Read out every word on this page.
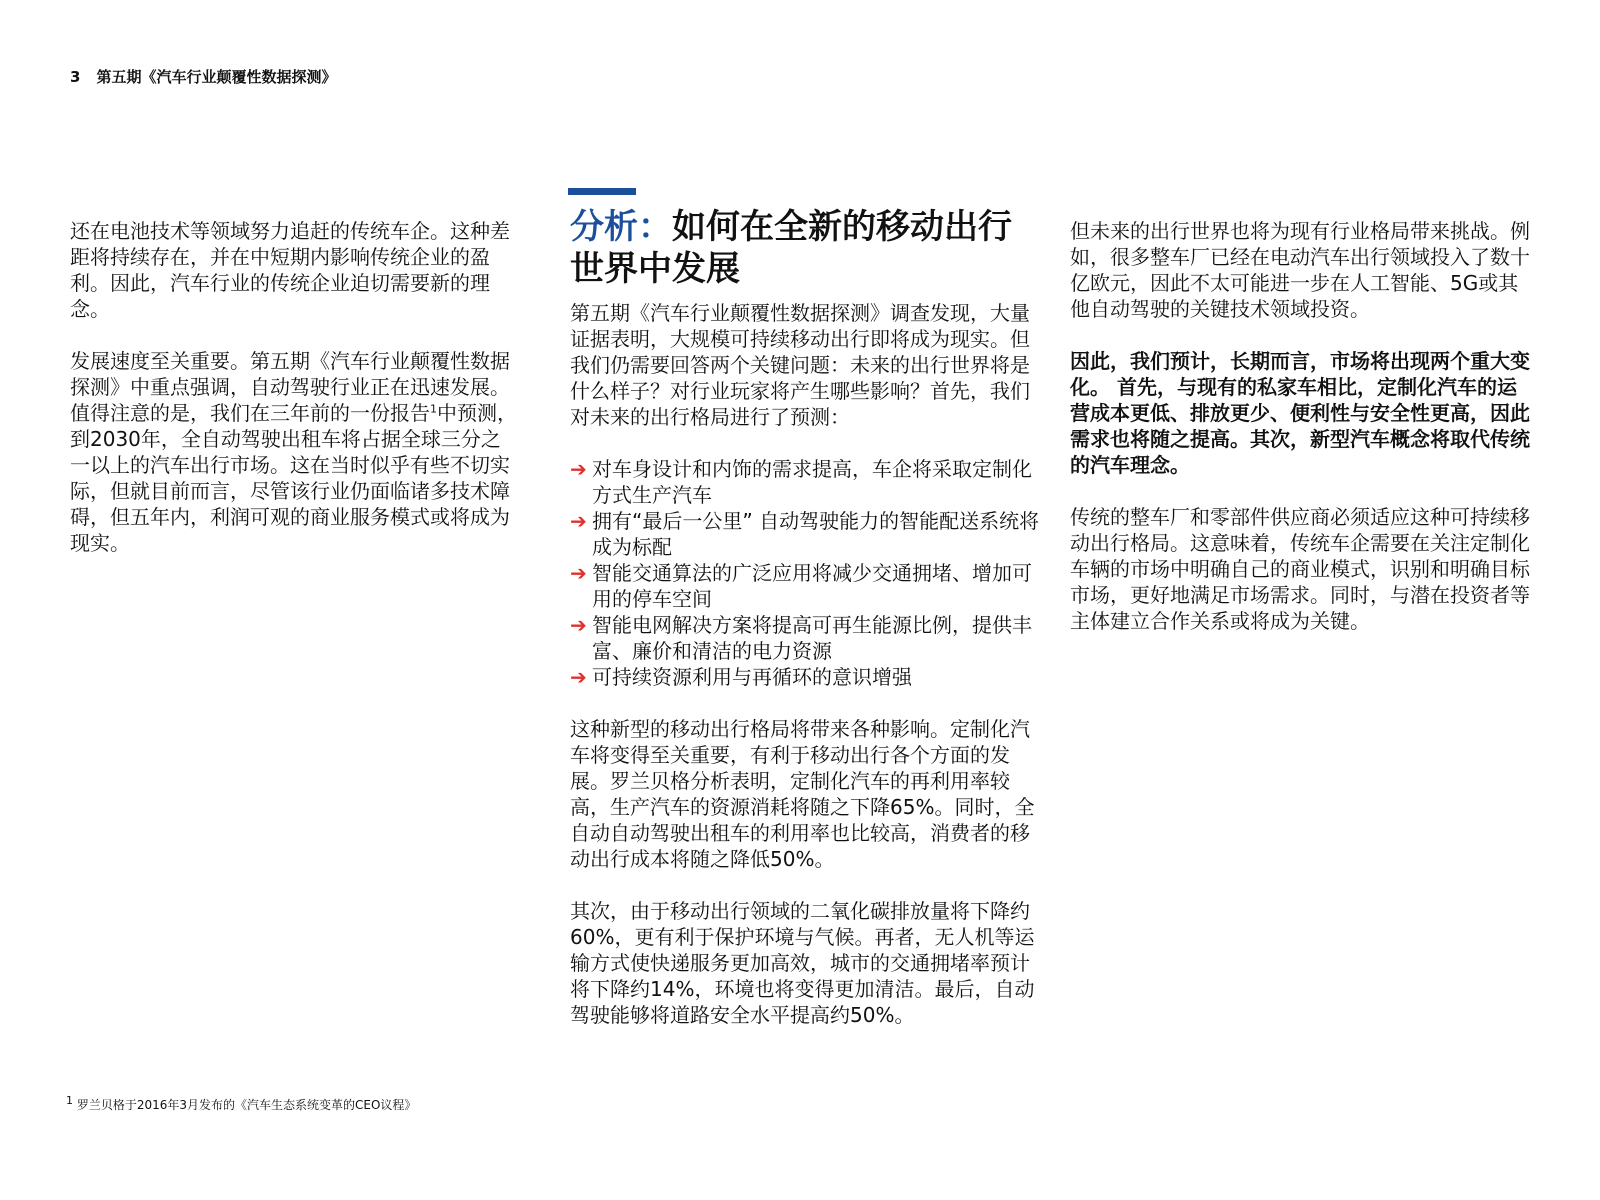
3 第五期《汽车行业颠覆性数据探测》

还在电池技术等领域努力追赶的传统车企。这种差距将持续存在，并在中短期内影响传统企业的盈利。因此，汽车行业的传统企业迫切需要新的理念。

发展速度至关重要。第五期《汽车行业颠覆性数据探测》中重点强调，自动驾驶行业正在迅速发展。值得注意的是，我们在三年前的一份报告$^1$中预测，到2030年，全自动驾驶出租车将占据全球三分之一以上的汽车出行市场。这在当时似乎有些不切实际，但就目前而言，尽管该行业仍面临诸多技术障碍，但五年内，利润可观的商业服务模式或将成为现实。

分析：如何在全新的移动出行世界中发展

第五期《汽车行业颠覆性数据探测》调查发现，大量证据表明，大规模可持续移动出行即将成为现实。但我们仍需要回答两个关键问题：未来的出行世界将是什么样子？对行业玩家将产生哪些影响？首先，我们对未来的出行格局进行了预测：

➔ 对车身设计和内饰的需求提高，车企将采取定制化方式生产汽车
➔ 拥有“最后一公里” 自动驾驶能力的智能配送系统将成为标配
➔ 智能交通算法的广泛应用将减少交通拥堵、增加可用的停车空间
➔ 智能电网解决方案将提高可再生能源比例，提供丰富、廉价和清洁的电力资源
➔ 可持续资源利用与再循环的意识增强

这种新型的移动出行格局将带来各种影响。定制化汽车将变得至关重要，有利于移动出行各个方面的发展。罗兰贝格分析表明，定制化汽车的再利用率较高，生产汽车的资源消耗将随之下降65%。同时，全自动自动驾驶出租车的利用率也比较高，消费者的移动出行成本将随之降低50%。

其次，由于移动出行领域的二氧化碳排放量将下降约60%，更有利于保护环境与气候。再者，无人机等运输方式使快递服务更加高效，城市的交通拥堵率预计将下降约14%，环境也将变得更加清洁。最后，自动驾驶能够将道路安全水平提高约50%。

但未来的出行世界也将为现有行业格局带来挑战。例如，很多整车厂已经在电动汽车出行领域投入了数十亿欧元，因此不太可能进一步在人工智能、5G或其他自动驾驶的关键技术领域投资。

因此，我们预计，长期而言，市场将出现两个重大变化。 首先，与现有的私家车相比，定制化汽车的运营成本更低、排放更少、便利性与安全性更高，因此需求也将随之提高。其次，新型汽车概念将取代传统的汽车理念。

传统的整车厂和零部件供应商必须适应这种可持续移动出行格局。这意味着，传统车企需要在关注定制化车辆的市场中明确自己的商业模式，识别和明确目标市场，更好地满足市场需求。同时，与潜在投资者等主体建立合作关系或将成为关键。

$^1$ 罗兰贝格于2016年3月发布的《汽车生态系统变革的CEO议程》
